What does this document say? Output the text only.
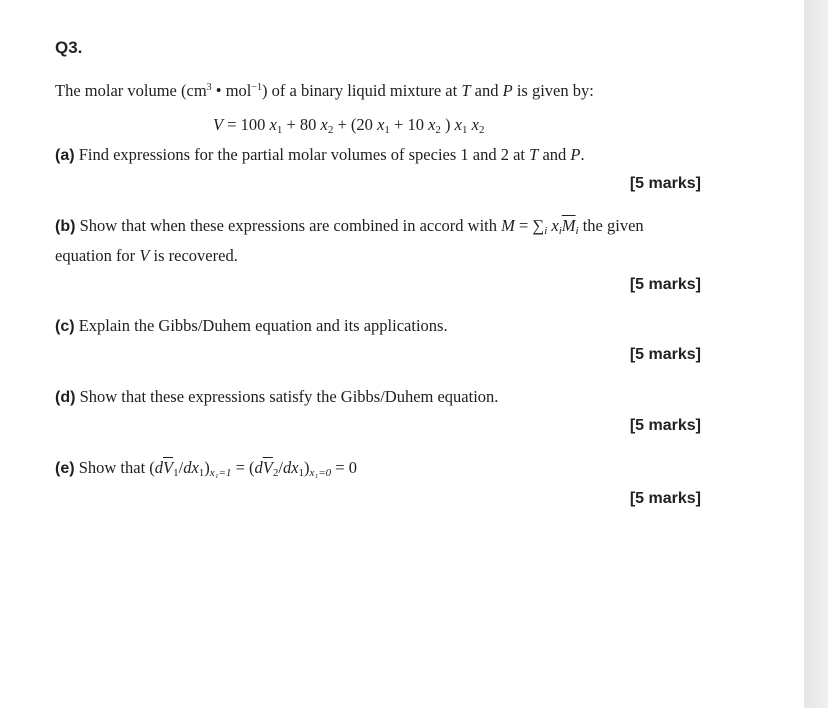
Q3.
The molar volume ($cm^3$ • mol$^{-1}$) of a binary liquid mixture at T and P is given by:
V = 100 $x_1 + 80$ $x_2 + (20$ $x_1 + 10$ $x_2$ ) $x_1$ $x_2$
(a) Find expressions for the partial molar volumes of species 1 and 2 at T and P.
[5 marks]
(b) Show that when these expressions are combined in accord with $M = \sum_i$ $x_i\overline{M}_i$ the given
equation for V is recovered.
[5 marks]
(c) Explain the Gibbs/Duhem equation and its applications.
[5 marks]
(d) Show that these expressions satisfy the Gibbs/Duhem equation.
[5 marks]
(e) Show that $(d\overline{V}_1/dx_1)_{x_1=1} = (d\overline{V}_2/dx_1)_{x_1=0} = 0$
[5 marks]
